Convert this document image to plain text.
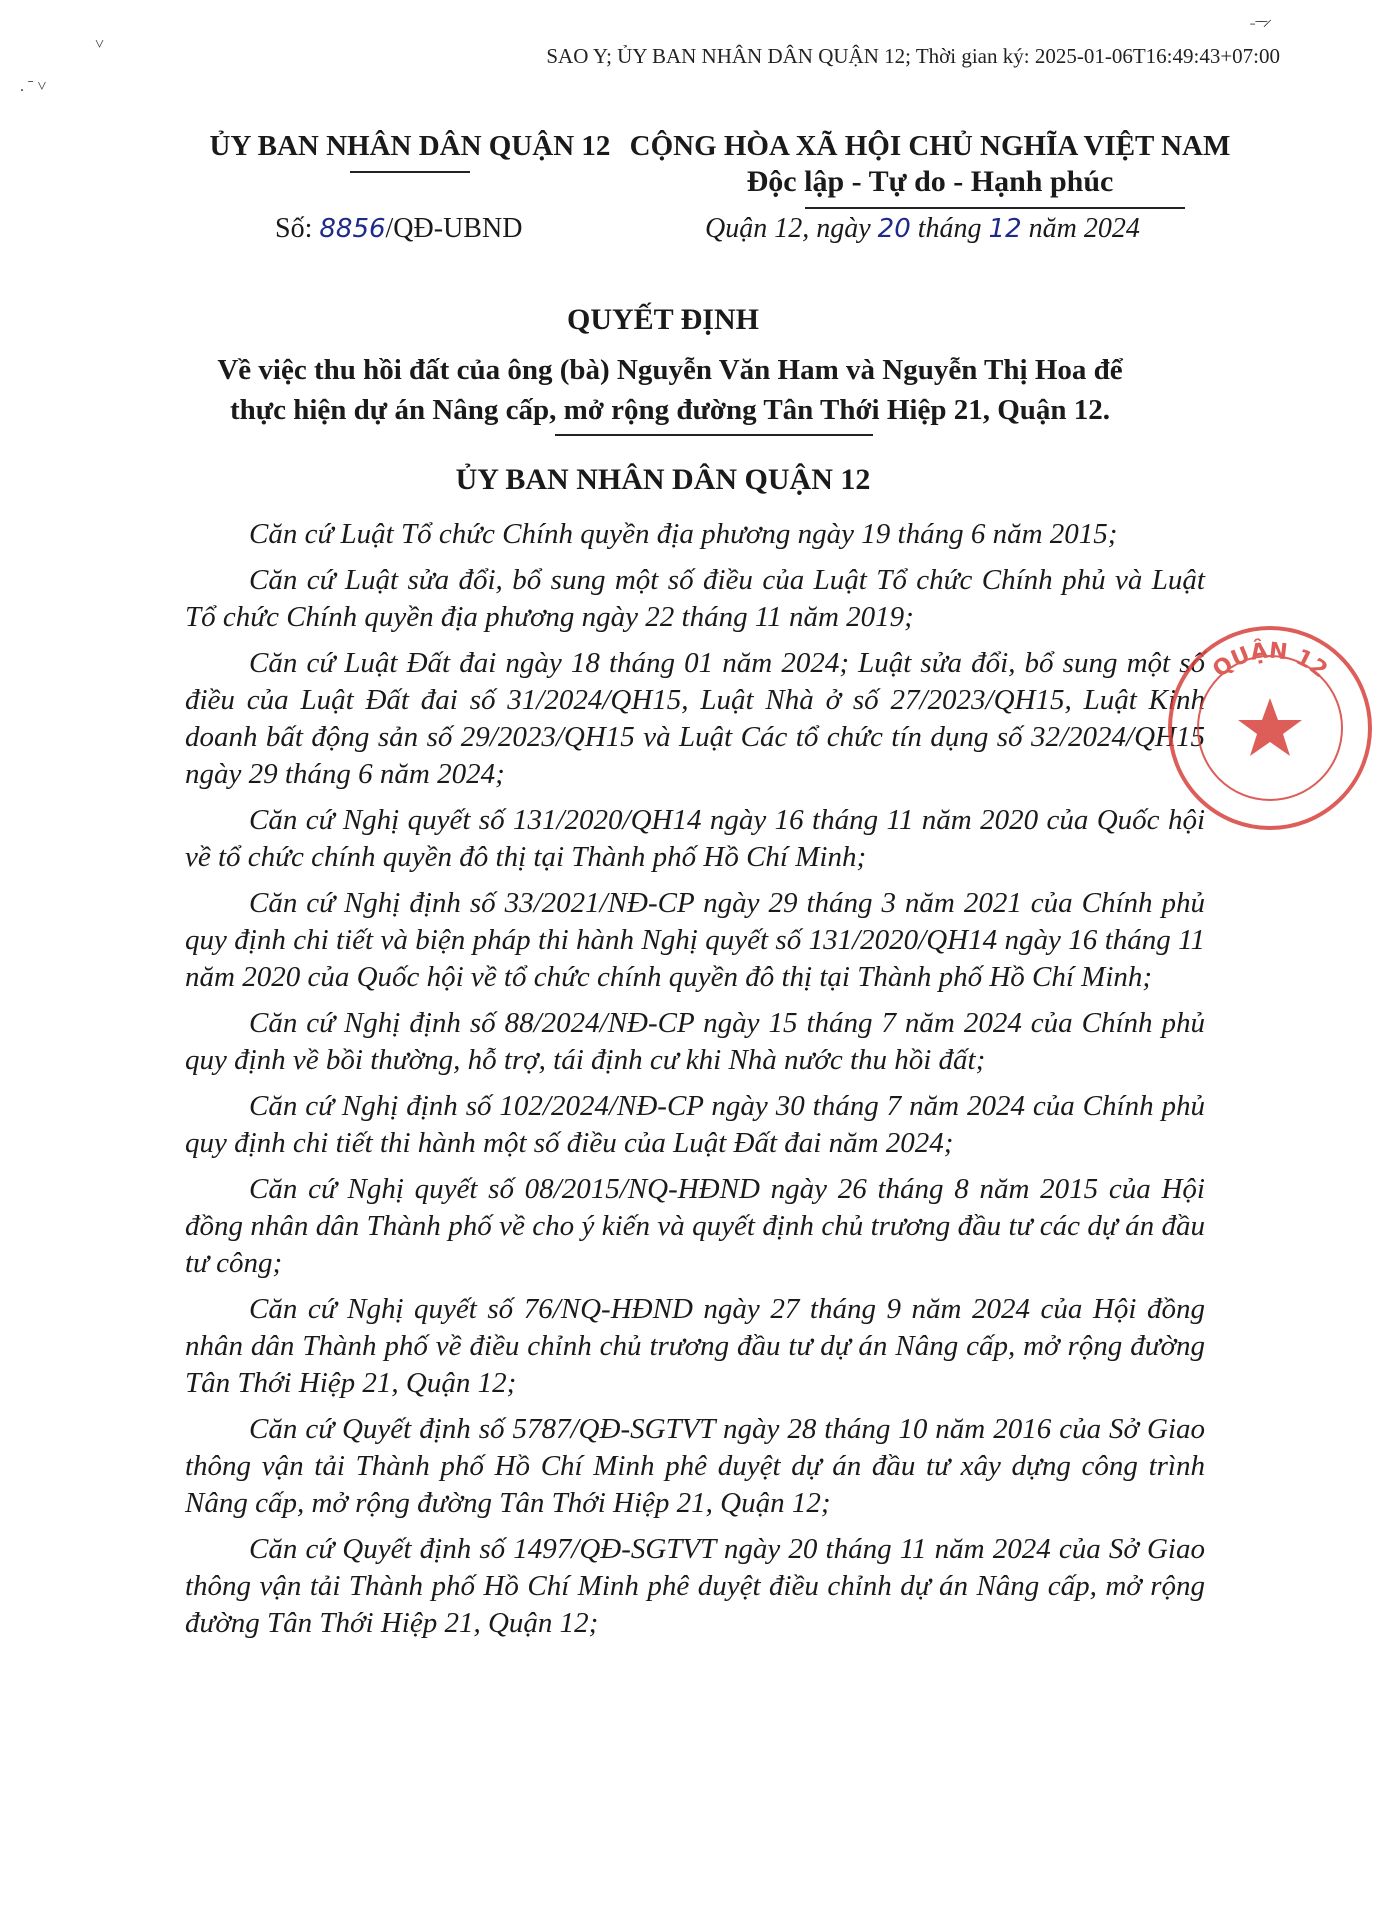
˅
. ˉ ˅
˗ ̶ ̶ ̷
SAO Y; ỦY BAN NHÂN DÂN QUẬN 12; Thời gian ký: 2025-01-06T16:49:43+07:00
ỦY BAN NHÂN DÂN QUẬN 12
Số: 8856/QĐ-UBND
CỘNG HÒA XÃ HỘI CHỦ NGHĨA VIỆT NAM
Độc lập - Tự do - Hạnh phúc
Quận 12, ngày 20 tháng 12 năm 2024
QUYẾT ĐỊNH
Về việc thu hồi đất của ông (bà) Nguyễn Văn Ham và Nguyễn Thị Hoa để
thực hiện dự án Nâng cấp, mở rộng đường Tân Thới Hiệp 21, Quận 12.
ỦY BAN NHÂN DÂN QUẬN 12

Căn cứ Luật Tổ chức Chính quyền địa phương ngày 19 tháng 6 năm 2015;

Căn cứ Luật sửa đổi, bổ sung một số điều của Luật Tổ chức Chính phủ và Luật Tổ chức Chính quyền địa phương ngày 22 tháng 11 năm 2019;

Căn cứ Luật Đất đai ngày 18 tháng 01 năm 2024; Luật sửa đổi, bổ sung một số điều của Luật Đất đai số 31/2024/QH15, Luật Nhà ở số 27/2023/QH15, Luật Kinh doanh bất động sản số 29/2023/QH15 và Luật Các tổ chức tín dụng số 32/2024/QH15 ngày 29 tháng 6 năm 2024;

Căn cứ Nghị quyết số 131/2020/QH14 ngày 16 tháng 11 năm 2020 của Quốc hội về tổ chức chính quyền đô thị tại Thành phố Hồ Chí Minh;

Căn cứ Nghị định số 33/2021/NĐ-CP ngày 29 tháng 3 năm 2021 của Chính phủ quy định chi tiết và biện pháp thi hành Nghị quyết số 131/2020/QH14 ngày 16 tháng 11 năm 2020 của Quốc hội về tổ chức chính quyền đô thị tại Thành phố Hồ Chí Minh;

Căn cứ Nghị định số 88/2024/NĐ-CP ngày 15 tháng 7 năm 2024 của Chính phủ quy định về bồi thường, hỗ trợ, tái định cư khi Nhà nước thu hồi đất;

Căn cứ Nghị định số 102/2024/NĐ-CP ngày 30 tháng 7 năm 2024 của Chính phủ quy định chi tiết thi hành một số điều của Luật Đất đai năm 2024;

Căn cứ Nghị quyết số 08/2015/NQ-HĐND ngày 26 tháng 8 năm 2015 của Hội đồng nhân dân Thành phố về cho ý kiến và quyết định chủ trương đầu tư các dự án đầu tư công;

Căn cứ Nghị quyết số 76/NQ-HĐND ngày 27 tháng 9 năm 2024 của Hội đồng nhân dân Thành phố về điều chỉnh chủ trương đầu tư dự án Nâng cấp, mở rộng đường Tân Thới Hiệp 21, Quận 12;

Căn cứ Quyết định số 5787/QĐ-SGTVT ngày 28 tháng 10 năm 2016 của Sở Giao thông vận tải Thành phố Hồ Chí Minh phê duyệt dự án đầu tư xây dựng công trình Nâng cấp, mở rộng đường Tân Thới Hiệp 21, Quận 12;

Căn cứ Quyết định số 1497/QĐ-SGTVT ngày 20 tháng 11 năm 2024 của Sở Giao thông vận tải Thành phố Hồ Chí Minh phê duyệt điều chỉnh dự án Nâng cấp, mở rộng đường Tân Thới Hiệp 21, Quận 12;

QUẬN 12
